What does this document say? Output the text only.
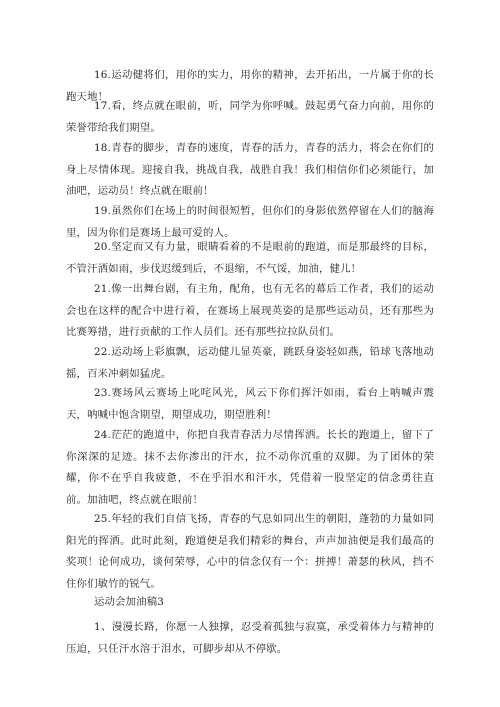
16.运动健将们，用你的实力，用你的精神，去开拓出，一片属于你的长跑天地！

17.看，终点就在眼前，听，同学为你呼喊。鼓起勇气奋力向前，用你的荣誉带给我们期望。

18.青春的脚步，青春的速度，青春的活力，青春的活力，将会在你们的身上尽情体现。迎接自我，挑战自我，战胜自我！我们相信你们必须能行，加油吧，运动员！终点就在眼前！

19.虽然你们在场上的时间很短暂，但你们的身影依然停留在人们的脑海里，因为你们是赛场上最可爱的人。

20.坚定而又有力量，眼睛看着的不是眼前的跑道，而是那最终的目标，不管汗洒如雨，步伐迟缓到后，不退缩，不气馁，加油，健儿！

21.像一出舞台剧，有主角，配角，也有无名的幕后工作者，我们的运动会也在这样的配合中进行着，在赛场上展现英姿的是那些运动员，还有那些为比赛筹措，进行贡献的工作人员们。还有那些拉拉队员们。

22.运动场上彩旗飘，运动健儿显英豪，跳跃身姿轻如燕，铅球飞落地动摇，百米冲刺如猛虎。

23.赛场风云赛场上叱咤风光，风云下你们挥汗如雨，看台上呐喊声震天，呐喊中饱含期望，期望成功，期望胜利！

24.茫茫的跑道中，你把自我青春活力尽情挥洒。长长的跑道上，留下了你深深的足迹。抹不去你渗出的汗水，拉不动你沉重的双脚。为了团体的荣耀，你不在乎自我疲惫，不在乎泪水和汗水，凭借着一股坚定的信念勇往直前。加油吧，终点就在眼前！

25.年轻的我们自信飞扬，青春的气息如同出生的朝阳，蓬勃的力量如同阳光的挥洒。此时此刻，跑道便是我们精彩的舞台，声声加油便是我们最高的奖项！论何成功，谈何荣辱，心中的信念仅有一个：拼搏！萧瑟的秋风，挡不住你们敏竹的锐气。

运动会加油稿3

1、漫漫长路，你愿一人独撑，忍受着孤独与寂寞，承受着体力与精神的压迫，只任汗水溶于泪水，可脚步却从不停歇。
